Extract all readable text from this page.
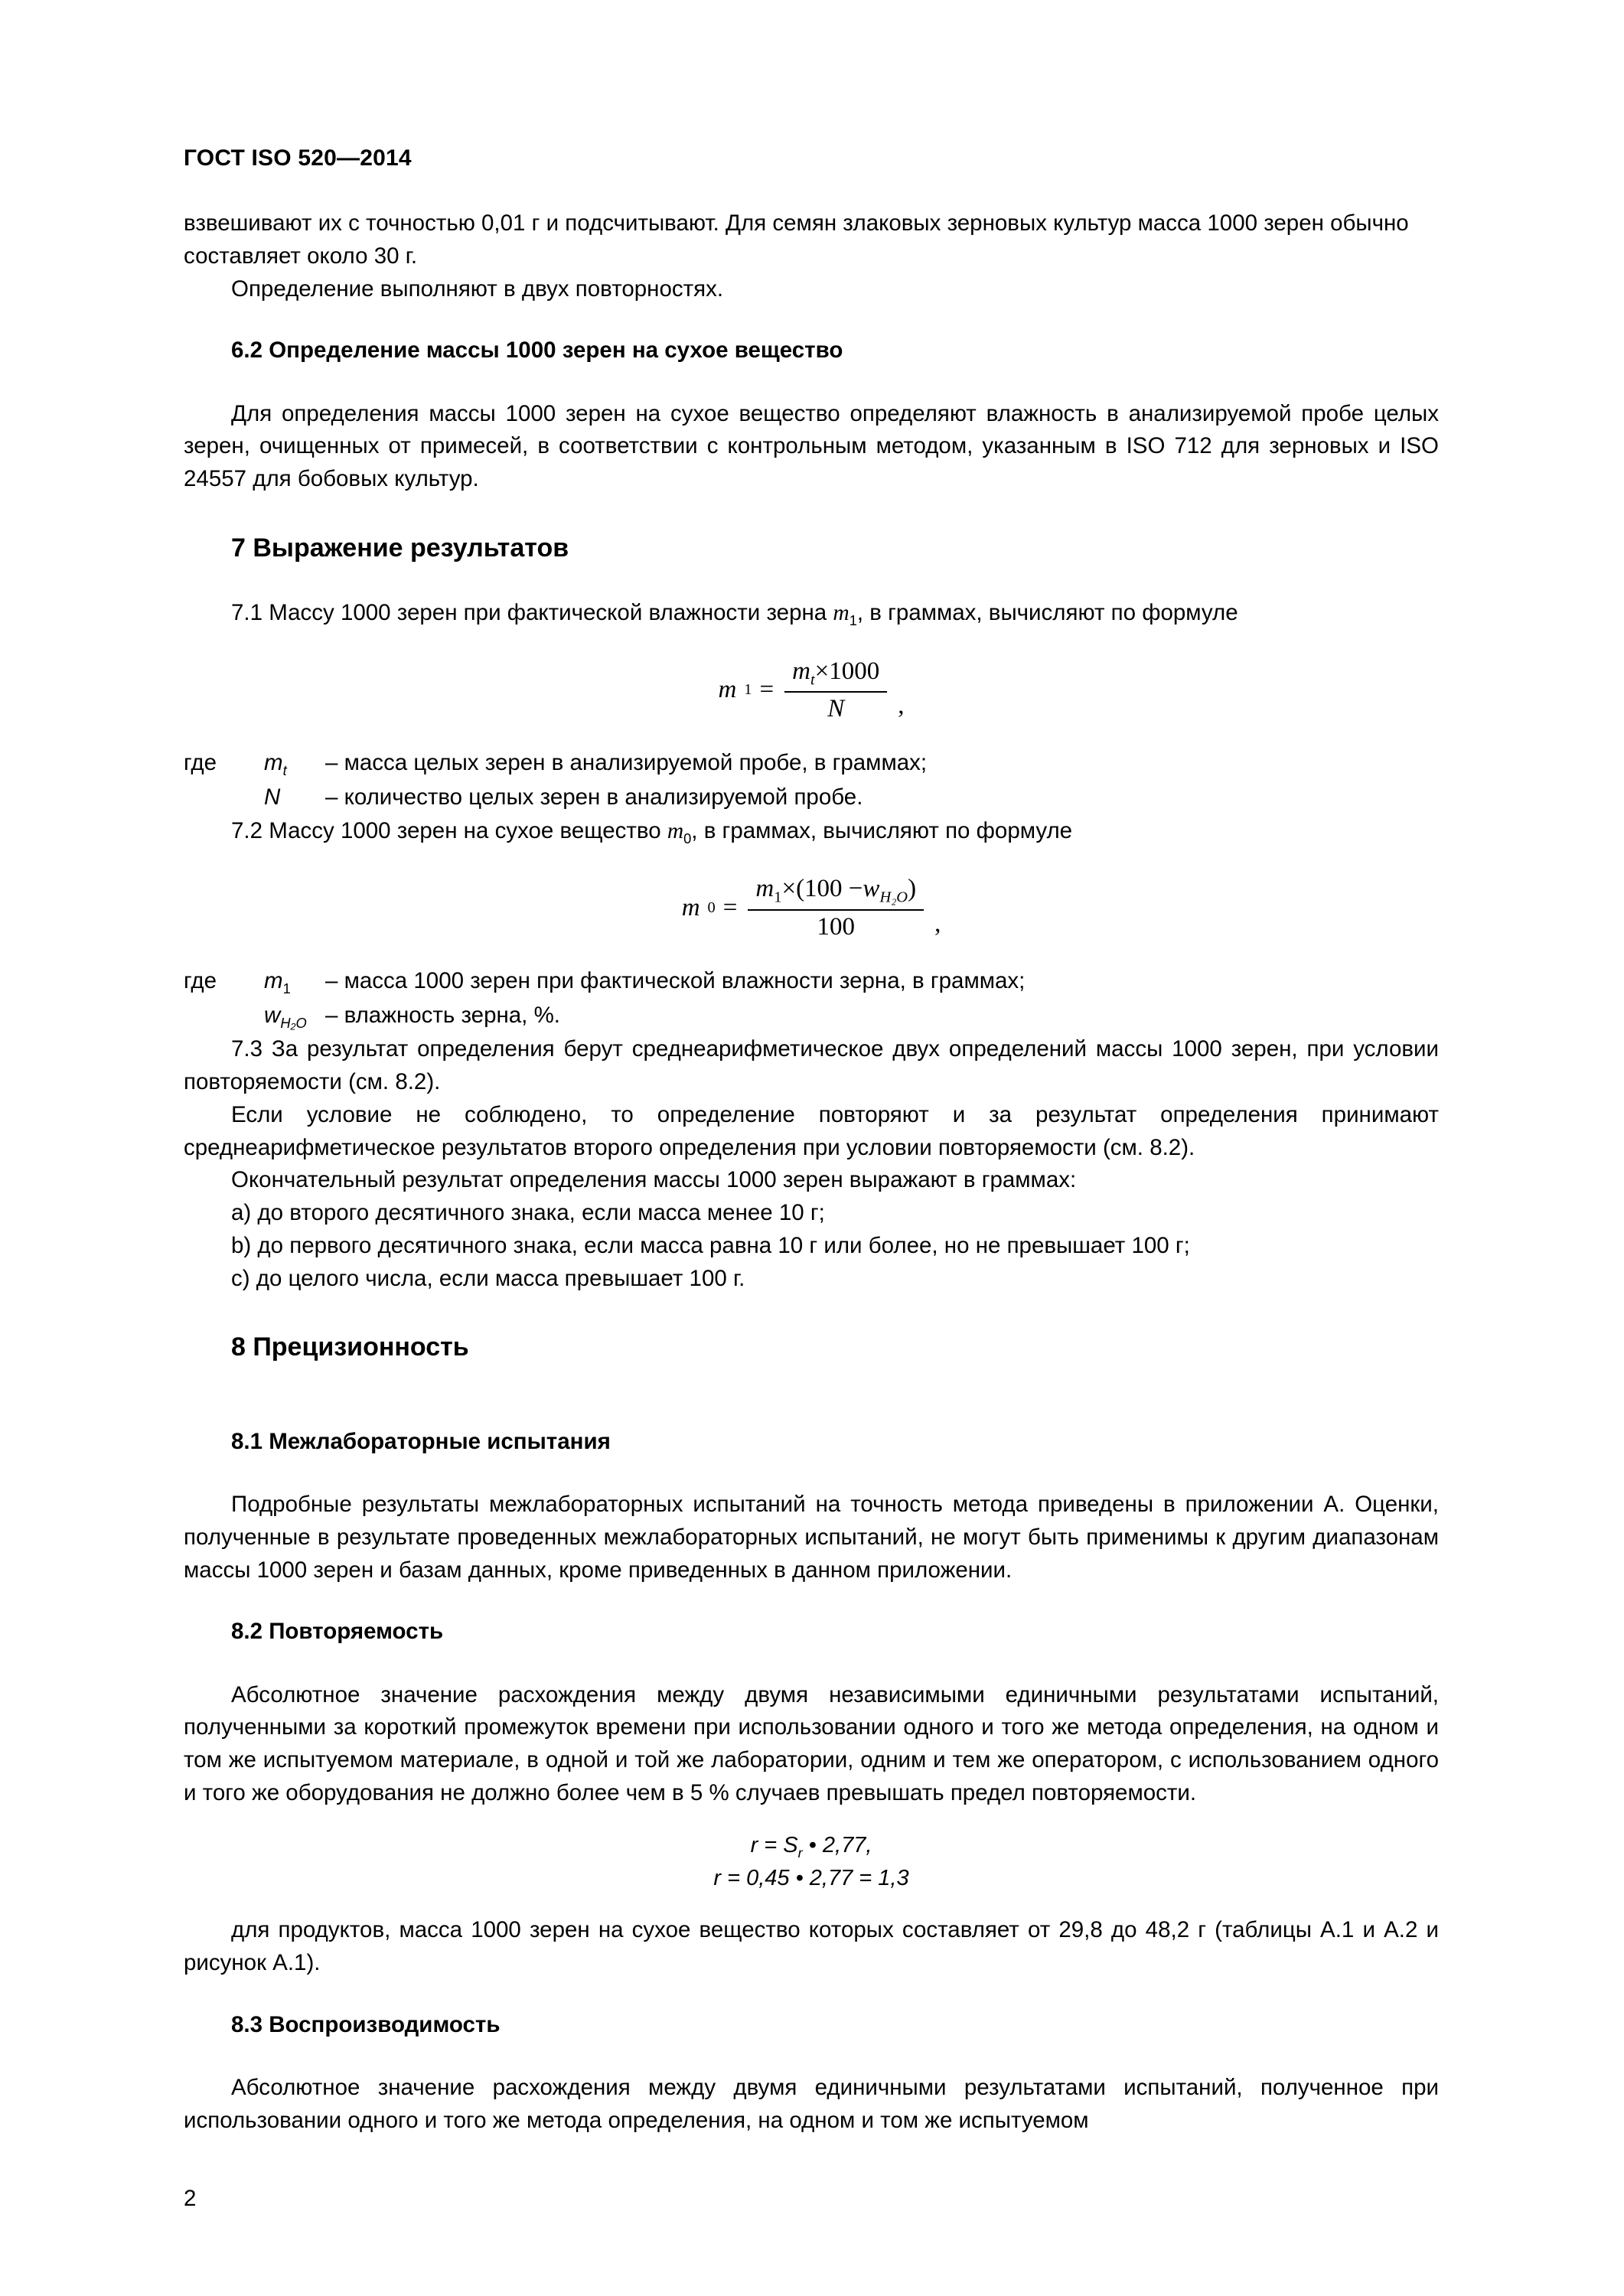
ГОСТ ISO 520—2014

взвешивают их с точностью 0,01 г и подсчитывают. Для семян злаковых зерновых культур масса 1000 зерен обычно составляет около 30 г.

Определение выполняют в двух повторностях.

6.2 Определение массы 1000 зерен на сухое вещество

Для определения массы 1000 зерен на сухое вещество определяют влажность в анализируемой пробе целых зерен, очищенных от примесей, в соответствии с контрольным методом, указанным в ISO 712 для зерновых и ISO 24557 для бобовых культур.

7 Выражение результатов

7.1 Массу 1000 зерен при фактической влажности зерна $m_1$, в граммах, вычисляют по формуле

m $1 = \frac{m_t\times 1000}{N}$ ,
где	$m_t$	– масса целых зерен в анализируемой пробе, в граммах;
N	– количество целых зерен в анализируемой пробе.

7.2 Массу 1000 зерен на сухое вещество $m_0$, в граммах, вычисляют по формуле

m $0 = \frac{m_1\times(100 -w_{H_2O})}{100}$ ,
где	$m_1$	– масса 1000 зерен при фактической влажности зерна, в граммах;
$w_{H_2O}$ – влажность зерна, %.

7.3 За результат определения берут среднеарифметическое двух определений массы 1000 зерен, при условии повторяемости (см. 8.2).

Если условие не соблюдено, то определение повторяют и за результат определения принимают среднеарифметическое результатов второго определения при условии повторяемости (см. 8.2).

Окончательный результат определения массы 1000 зерен выражают в граммах:

a) до второго десятичного знака, если масса менее 10 г;

b) до первого десятичного знака, если масса равна 10 г или более, но не превышает 100 г;

c) до целого числа, если масса превышает 100 г.

8 Прецизионность
8.1 Межлабораторные испытания

Подробные результаты межлабораторных испытаний на точность метода приведены в приложении А. Оценки, полученные в результате проведенных межлабораторных испытаний, не могут быть применимы к другим диапазонам массы 1000 зерен и базам данных, кроме приведенных в данном приложении.

8.2 Повторяемость

Абсолютное значение расхождения между двумя независимыми единичными результатами испытаний, полученными за короткий промежуток времени при использовании одного и того же метода определения, на одном и том же испытуемом материале, в одной и той же лаборатории, одним и тем же оператором, с использованием одного и того же оборудования не должно более чем в 5 % случаев превышать предел повторяемости.

$r = S_r$ • 2,77,
r = 0,45 • 2,77 = 1,3

для продуктов, масса 1000 зерен на сухое вещество которых составляет от 29,8 до 48,2 г (таблицы А.1 и А.2 и рисунок А.1).

8.3 Воспроизводимость

Абсолютное значение расхождения между двумя единичными результатами испытаний, полученное при использовании одного и того же метода определения, на одном и том же испытуемом

2
